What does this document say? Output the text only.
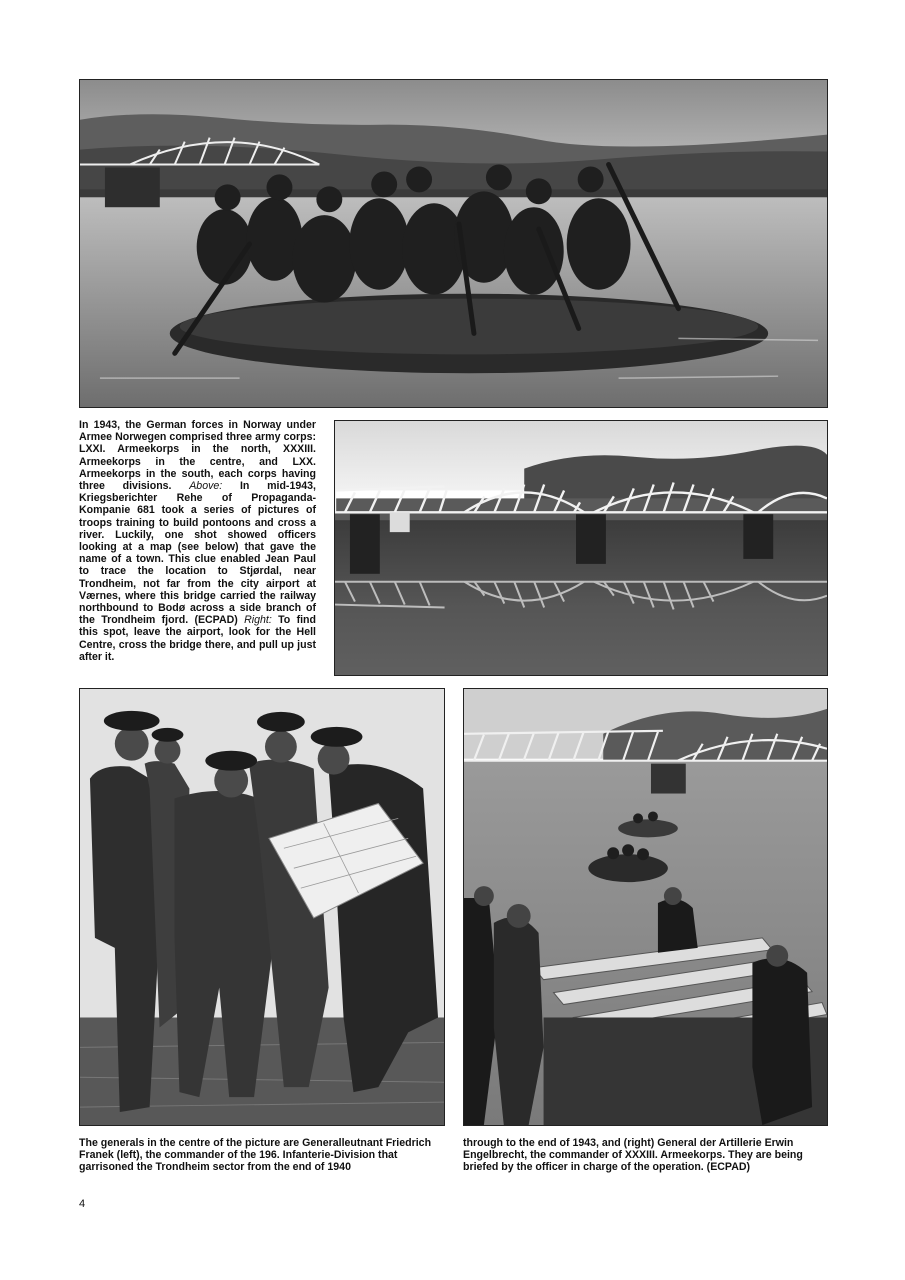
In 1943, the German forces in Norway under Armee Norwegen comprised three army corps: LXXI. Armeekorps in the north, XXXIII. Armeekorps in the centre, and LXX. Armeekorps in the south, each corps having three divisions. Above: In mid-1943, Kriegsberichter Rehe of Propaganda-Kompanie 681 took a series of pictures of troops training to build pontoons and cross a river. Luckily, one shot showed officers looking at a map (see below) that gave the name of a town. This clue enabled Jean Paul to trace the location to Stjørdal, near Trondheim, not far from the city airport at Værnes, where this bridge carried the railway northbound to Bodø across a side branch of the Trondheim fjord. (ECPAD) Right: To find this spot, leave the airport, look for the Hell Centre, cross the bridge there, and pull up just after it.

The generals in the centre of the picture are Generalleutnant Friedrich Franek (left), the commander of the 196. Infanterie-Division that garrisoned the Trondheim sector from the end of 1940

through to the end of 1943, and (right) General der Artillerie Erwin Engelbrecht, the commander of XXXIII. Armeekorps. They are being briefed by the officer in charge of the operation. (ECPAD)

4
